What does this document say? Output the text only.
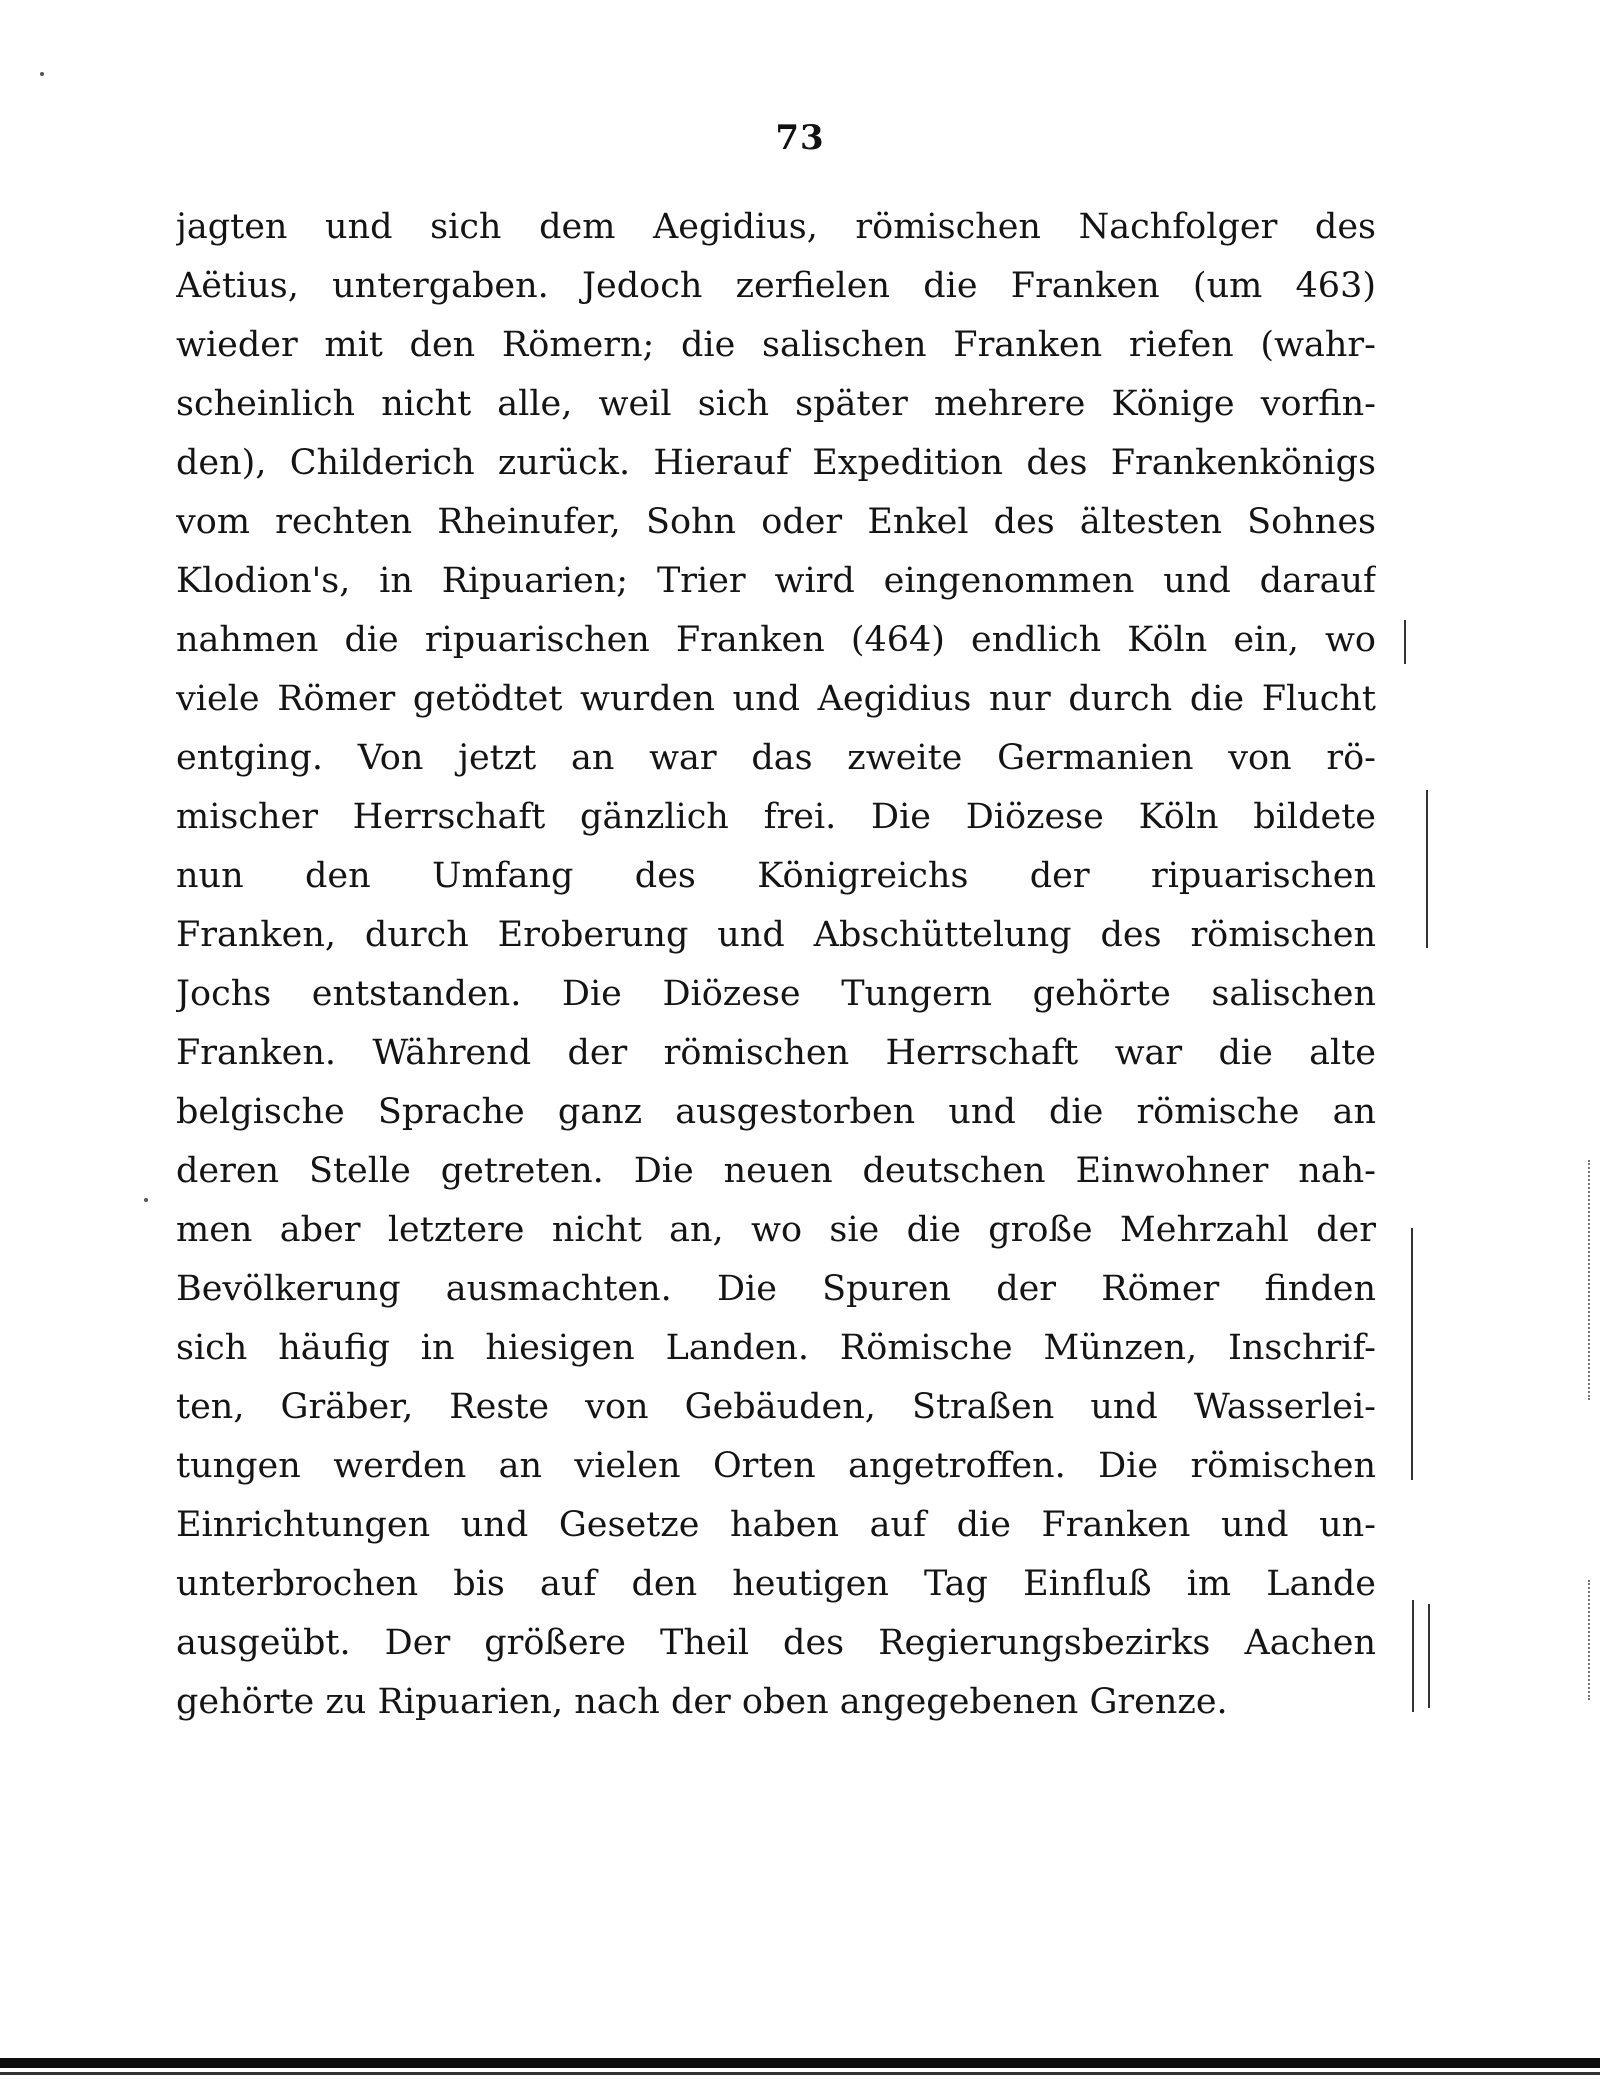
73
jagten und sich dem Aegidius, römischen Nachfolger des
Aëtius, untergaben. Jedoch zerfielen die Franken (um 463)
wieder mit den Römern; die salischen Franken riefen (wahr-
scheinlich nicht alle, weil sich später mehrere Könige vorfin-
den), Childerich zurück. Hierauf Expedition des Frankenkönigs
vom rechten Rheinufer, Sohn oder Enkel des ältesten Sohnes
Klodion's, in Ripuarien; Trier wird eingenommen und darauf
nahmen die ripuarischen Franken (464) endlich Köln ein, wo
viele Römer getödtet wurden und Aegidius nur durch die Flucht
entging. Von jetzt an war das zweite Germanien von rö-
mischer Herrschaft gänzlich frei. Die Diözese Köln bildete
nun den Umfang des Königreichs der ripuarischen
Franken, durch Eroberung und Abschüttelung des römischen
Jochs entstanden. Die Diözese Tungern gehörte salischen
Franken. Während der römischen Herrschaft war die alte
belgische Sprache ganz ausgestorben und die römische an
deren Stelle getreten. Die neuen deutschen Einwohner nah-
men aber letztere nicht an, wo sie die große Mehrzahl der
Bevölkerung ausmachten. Die Spuren der Römer finden
sich häufig in hiesigen Landen. Römische Münzen, Inschrif-
ten, Gräber, Reste von Gebäuden, Straßen und Wasserlei-
tungen werden an vielen Orten angetroffen. Die römischen
Einrichtungen und Gesetze haben auf die Franken und un-
unterbrochen bis auf den heutigen Tag Einfluß im Lande
ausgeübt. Der größere Theil des Regierungsbezirks Aachen
gehörte zu Ripuarien, nach der oben angegebenen Grenze.
